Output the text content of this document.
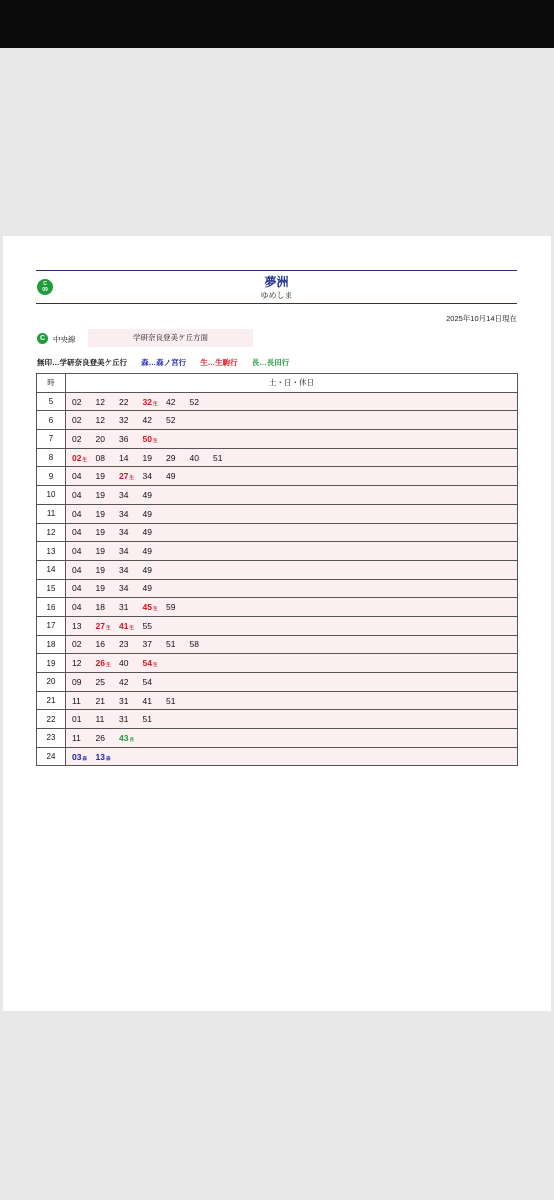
C
09
夢洲
ゆめしま
2025年10月14日現在
C	中央線	学研奈良登美ケ丘方面
無印…学研奈良登美ケ丘行 森…森ノ宮行 生…生駒行 長…長田行
時	土・日・休日
5	02 12 22 32生 42 52
6	02 12 32 42 52
7	02 20 36 50生
8	02生 08 14 19 29 40 51
9	04 19 27生 34 49
10	04 19 34 49
11	04 19 34 49
12	04 19 34 49
13	04 19 34 49
14	04 19 34 49
15	04 19 34 49
16	04 18 31 45生 59
17	13 27生 41生 55
18	02 16 23 37 51 58
19	12 26生 40 54生
20	09 25 42 54
21	11 21 31 41 51
22	01 11 31 51
23	11 26 43長
24	03森 13森
